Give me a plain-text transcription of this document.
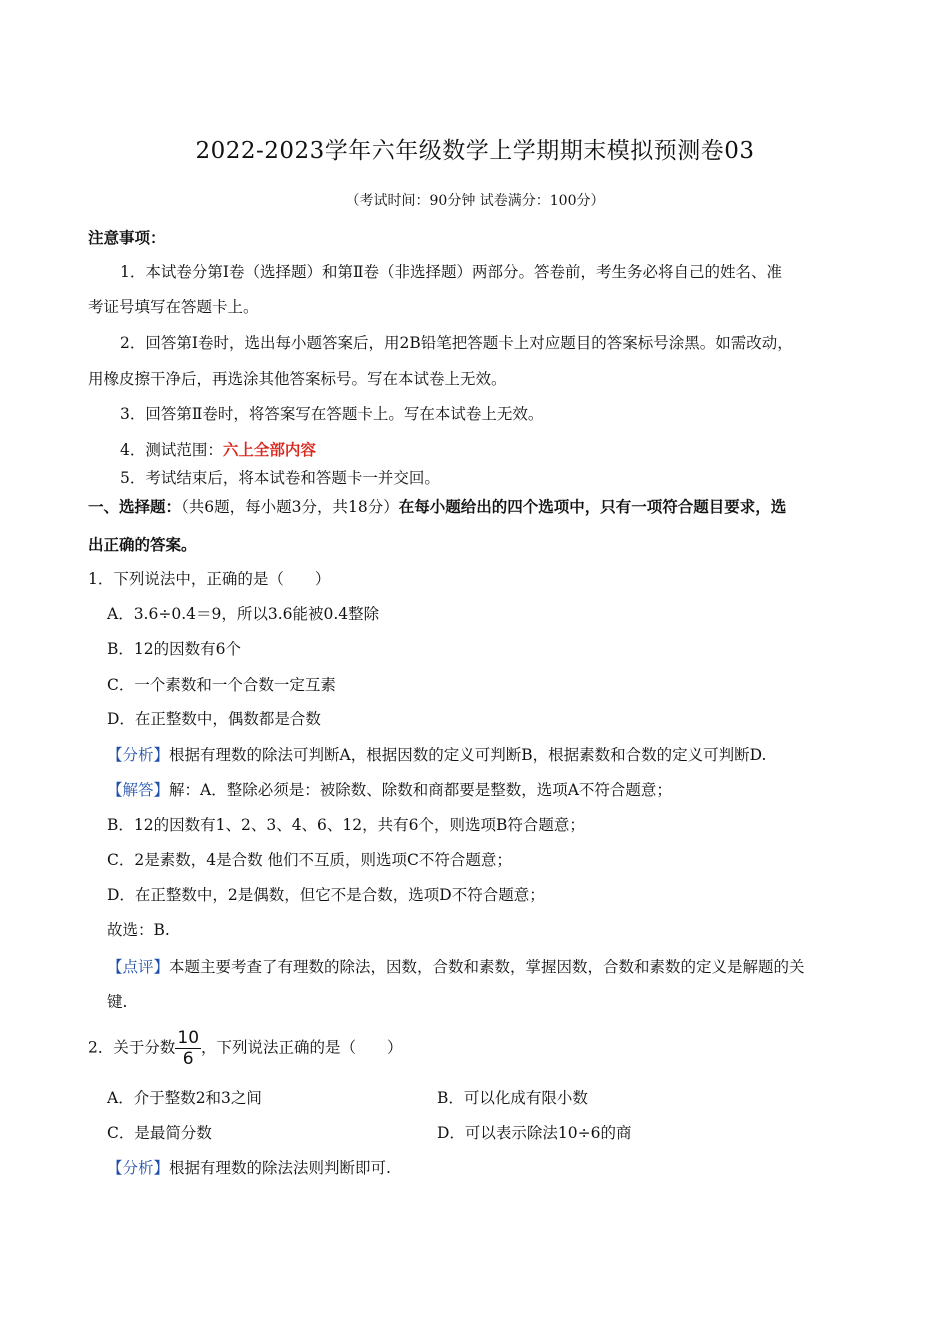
2022-2023学年六年级数学上学期期末模拟预测卷03
（考试时间：90分钟 试卷满分：100分）
注意事项：
1．本试卷分第Ⅰ卷（选择题）和第Ⅱ卷（非选择题）两部分。答卷前，考生务必将自己的姓名、准
考证号填写在答题卡上。
2．回答第Ⅰ卷时，选出每小题答案后，用2B铅笔把答题卡上对应题目的答案标号涂黑。如需改动，
用橡皮擦干净后，再选涂其他答案标号。写在本试卷上无效。
3．回答第Ⅱ卷时，将答案写在答题卡上。写在本试卷上无效。
4．测试范围：六上全部内容
5．考试结束后，将本试卷和答题卡一并交回。
一、选择题：（共6题，每小题3分，共18分）在每小题给出的四个选项中，只有一项符合题目要求，选
出正确的答案。
1．下列说法中，正确的是（　　）
A．3.6÷0.4＝9，所以3.6能被0.4整除
B．12的因数有6个
C．一个素数和一个合数一定互素
D．在正整数中，偶数都是合数
【分析】根据有理数的除法可判断A，根据因数的定义可判断B，根据素数和合数的定义可判断D.
【解答】解：A．整除必须是：被除数、除数和商都要是整数，选项A不符合题意；
B．12的因数有1、2、3、4、6、12，共有6个，则选项B符合题意；
C．2是素数，4是合数 他们不互质，则选项C不符合题意；
D．在正整数中，2是偶数，但它不是合数，选项D不符合题意；
故选：B.
【点评】本题主要考查了有理数的除法，因数，合数和素数，掌握因数，合数和素数的定义是解题的关
键.
2．关于分数 $\frac{10}{6}$ ，下列说法正确的是（　　）
A．介于整数2和3之间	B．可以化成有限小数
C．是最简分数	D．可以表示除法10÷6的商
【分析】根据有理数的除法法则判断即可.
